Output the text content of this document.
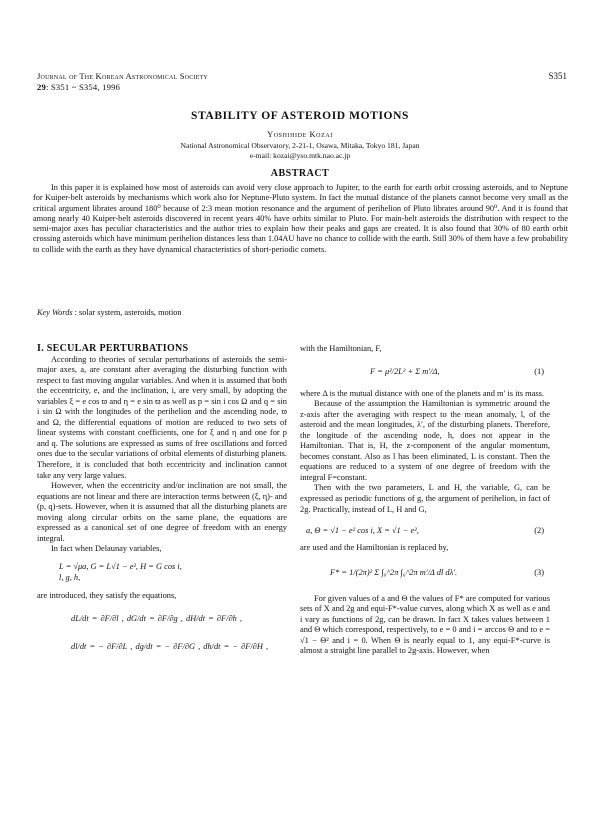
Journal of The Korean Astronomical Society
29: S351 ~ S354, 1996
S351
STABILITY OF ASTEROID MOTIONS
Yoshihide Kozai
National Astronomical Observatory, 2-21-1, Osawa, Mitaka, Tokyo 181, Japan
e-mail: kozai@yso.mtk.nao.ac.jp
ABSTRACT

In this paper it is explained how most of asteroids can avoid very close approach to Jupiter, to the earth for earth orbit crossing asteroids, and to Neptune for Kuiper-belt asteroids by mechanisms which work also for Neptune-Pluto system. In fact the mutual distance of the planets cannot become very small as the critical argument librates around 180⁰ because of 2:3 mean motion resonance and the argument of perihelion of Pluto librates around 90⁰. And it is found that among nearly 40 Kuiper-belt asteroids discovered in recent years 40% have orbits similar to Pluto. For main-belt asteroids the distribution with respect to the semi-major axes has peculiar characteristics and the author tries to explain how their peaks and gaps are created. It is also found that 30% of 80 earth orbit crossing asteroids which have minimum perihelion distances less than 1.04AU have no chance to collide with the earth. Still 30% of them have a few probability to collide with the earth as they have dynamical characteristics of short-periodic comets.

Key Words : solar system, asteroids, motion

I. SECULAR PERTURBATIONS

According to theories of secular perturbations of asteroids the semi-major axes, a, are constant after averaging the disturbing function with respect to fast moving angular variables. And when it is assumed that both the eccentricity, e, and the inclination, i, are very small, by adopting the variables ξ = e cos ϖ and η = e sin ϖ as well as p = sin i cos Ω and q = sin i sin Ω with the longitudes of the perihelion and the ascending node, ϖ and Ω, the differential equations of motion are reduced to two sets of linear systems with constant coefficients, one for ξ and η and one for p and q. The solutions are expressed as sums of free oscillations and forced ones due to the secular variations of orbital elements of disturbing planets. Therefore, it is concluded that both eccentricity and inclination cannot take any very large values.

However, when the eccentricity and/or inclination are not small, the equations are not linear and there are interaction terms between (ξ, η)- and (p, q)-sets. However, when it is assumed that all the disturbing planets are moving along circular orbits on the same plane, the equations are expressed as a canonical set of one degree of freedom with an energy integral.

In fact when Delaunay variables,

L = √μa, G = L√1 − e², H = G cos i,
l, g, h,

are introduced, they satisfy the equations,

dL/dt = ∂F/∂l , dG/dt = ∂F/∂g , dH/dt = ∂F/∂h ,
dl/dt = − ∂F/∂L , dg/dt = − ∂F/∂G , dh/dt = − ∂F/∂H ,

with the Hamiltonian, F,

F = μ²/2L² + Σ m′/Δ,	(1)

where Δ is the mutual distance with one of the planets and m′ is its mass.

Because of the assumption the Hamiltonian is symmetric around the z-axis after the averaging with respect to the mean anomaly, l, of the asteroid and the mean longitudes, λ′, of the disturbing planets. Therefore, the longitude of the ascending node, h, does not appear in the Hamiltonian. That is, H, the z-component of the angular momentum, becomes constant. Also as l has been eliminated, L is constant. Then the equations are reduced to a system of one degree of freedom with the integral F=constant.

Then with the two parameters, L and H, the variable, G, can be expressed as periodic functions of g, the argument of perihelion, in fact of 2g. Practically, instead of L, H and G,

a, Θ = √1 − e² cos i, X = √1 − e²,	(2)

are used and the Hamiltonian is replaced by,

F* = 1/(2π)² Σ ∫₀^2π ∫₀^2π m′/Δ dl dλ′.	(3)

For given values of a and Θ the values of F* are computed for various sets of X and 2g and equi-F*-value curves, along which X as well as e and i vary as functions of 2g, can be drawn. In fact X takes values between 1 and Θ which correspond, respectively, to e = 0 and i = arccos Θ and to e = √1 − Θ² and i = 0. When Θ is nearly equal to 1, any equi-F*-curve is almost a straight line parallel to 2g-axis. However, when
